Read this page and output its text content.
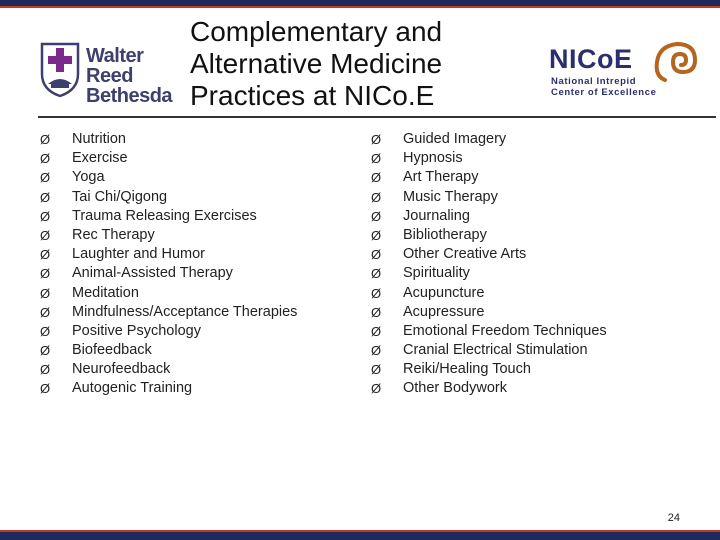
Walter Reed
Bethesda
Complementary and
Alternative Medicine
Practices at NICo.E
NICoE
National Intrepid
Center of Excellence
Ø Nutrition
Ø Exercise
Ø Yoga
Ø Tai Chi/Qigong
Ø Trauma Releasing Exercises
Ø Rec Therapy
Ø Laughter and Humor
Ø Animal-Assisted Therapy
Ø Meditation
Ø Mindfulness/Acceptance Therapies
Ø Positive Psychology
Ø Biofeedback
Ø Neurofeedback
Ø Autogenic Training
Ø Guided Imagery
Ø Hypnosis
Ø Art Therapy
Ø Music Therapy
Ø Journaling
Ø Bibliotherapy
Ø Other Creative Arts
Ø Spirituality
Ø Acupuncture
Ø Acupressure
Ø Emotional Freedom Techniques
Ø Cranial Electrical Stimulation
Ø Reiki/Healing Touch
Ø Other Bodywork
24
